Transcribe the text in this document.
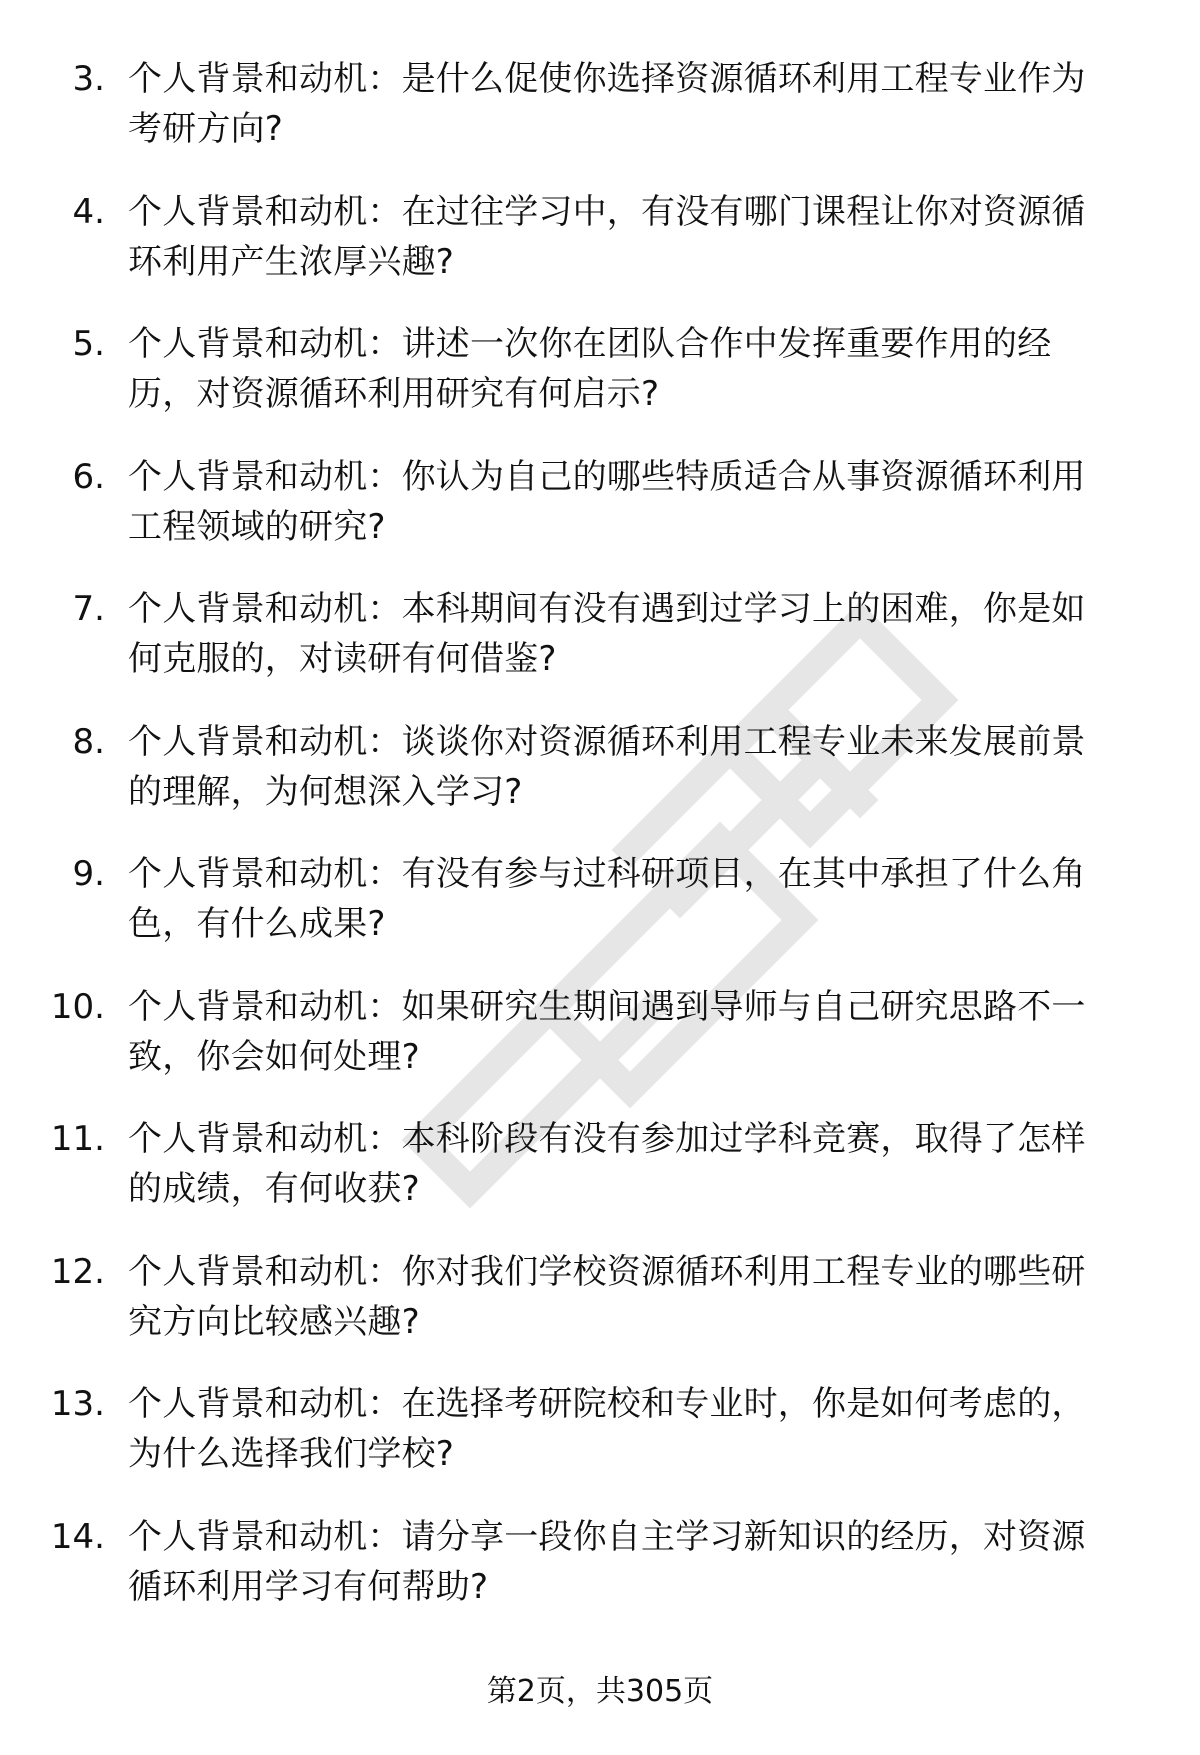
3. 个人背景和动机：是什么促使你选择资源循环利用工程专业作为
考研方向?
4. 个人背景和动机：在过往学习中，有没有哪门课程让你对资源循
环利用产生浓厚兴趣?
5. 个人背景和动机：讲述一次你在团队合作中发挥重要作用的经
历，对资源循环利用研究有何启示?
6. 个人背景和动机：你认为自己的哪些特质适合从事资源循环利用
工程领域的研究?
7. 个人背景和动机：本科期间有没有遇到过学习上的困难，你是如
何克服的，对读研有何借鉴?
8. 个人背景和动机：谈谈你对资源循环利用工程专业未来发展前景
的理解，为何想深入学习?
9. 个人背景和动机：有没有参与过科研项目，在其中承担了什么角
色，有什么成果?
10. 个人背景和动机：如果研究生期间遇到导师与自己研究思路不一
致，你会如何处理?
11. 个人背景和动机：本科阶段有没有参加过学科竞赛，取得了怎样
的成绩，有何收获?
12. 个人背景和动机：你对我们学校资源循环利用工程专业的哪些研
究方向比较感兴趣?
13. 个人背景和动机：在选择考研院校和专业时，你是如何考虑的，
为什么选择我们学校?
14. 个人背景和动机：请分享一段你自主学习新知识的经历，对资源
循环利用学习有何帮助?
第2页，共305页
